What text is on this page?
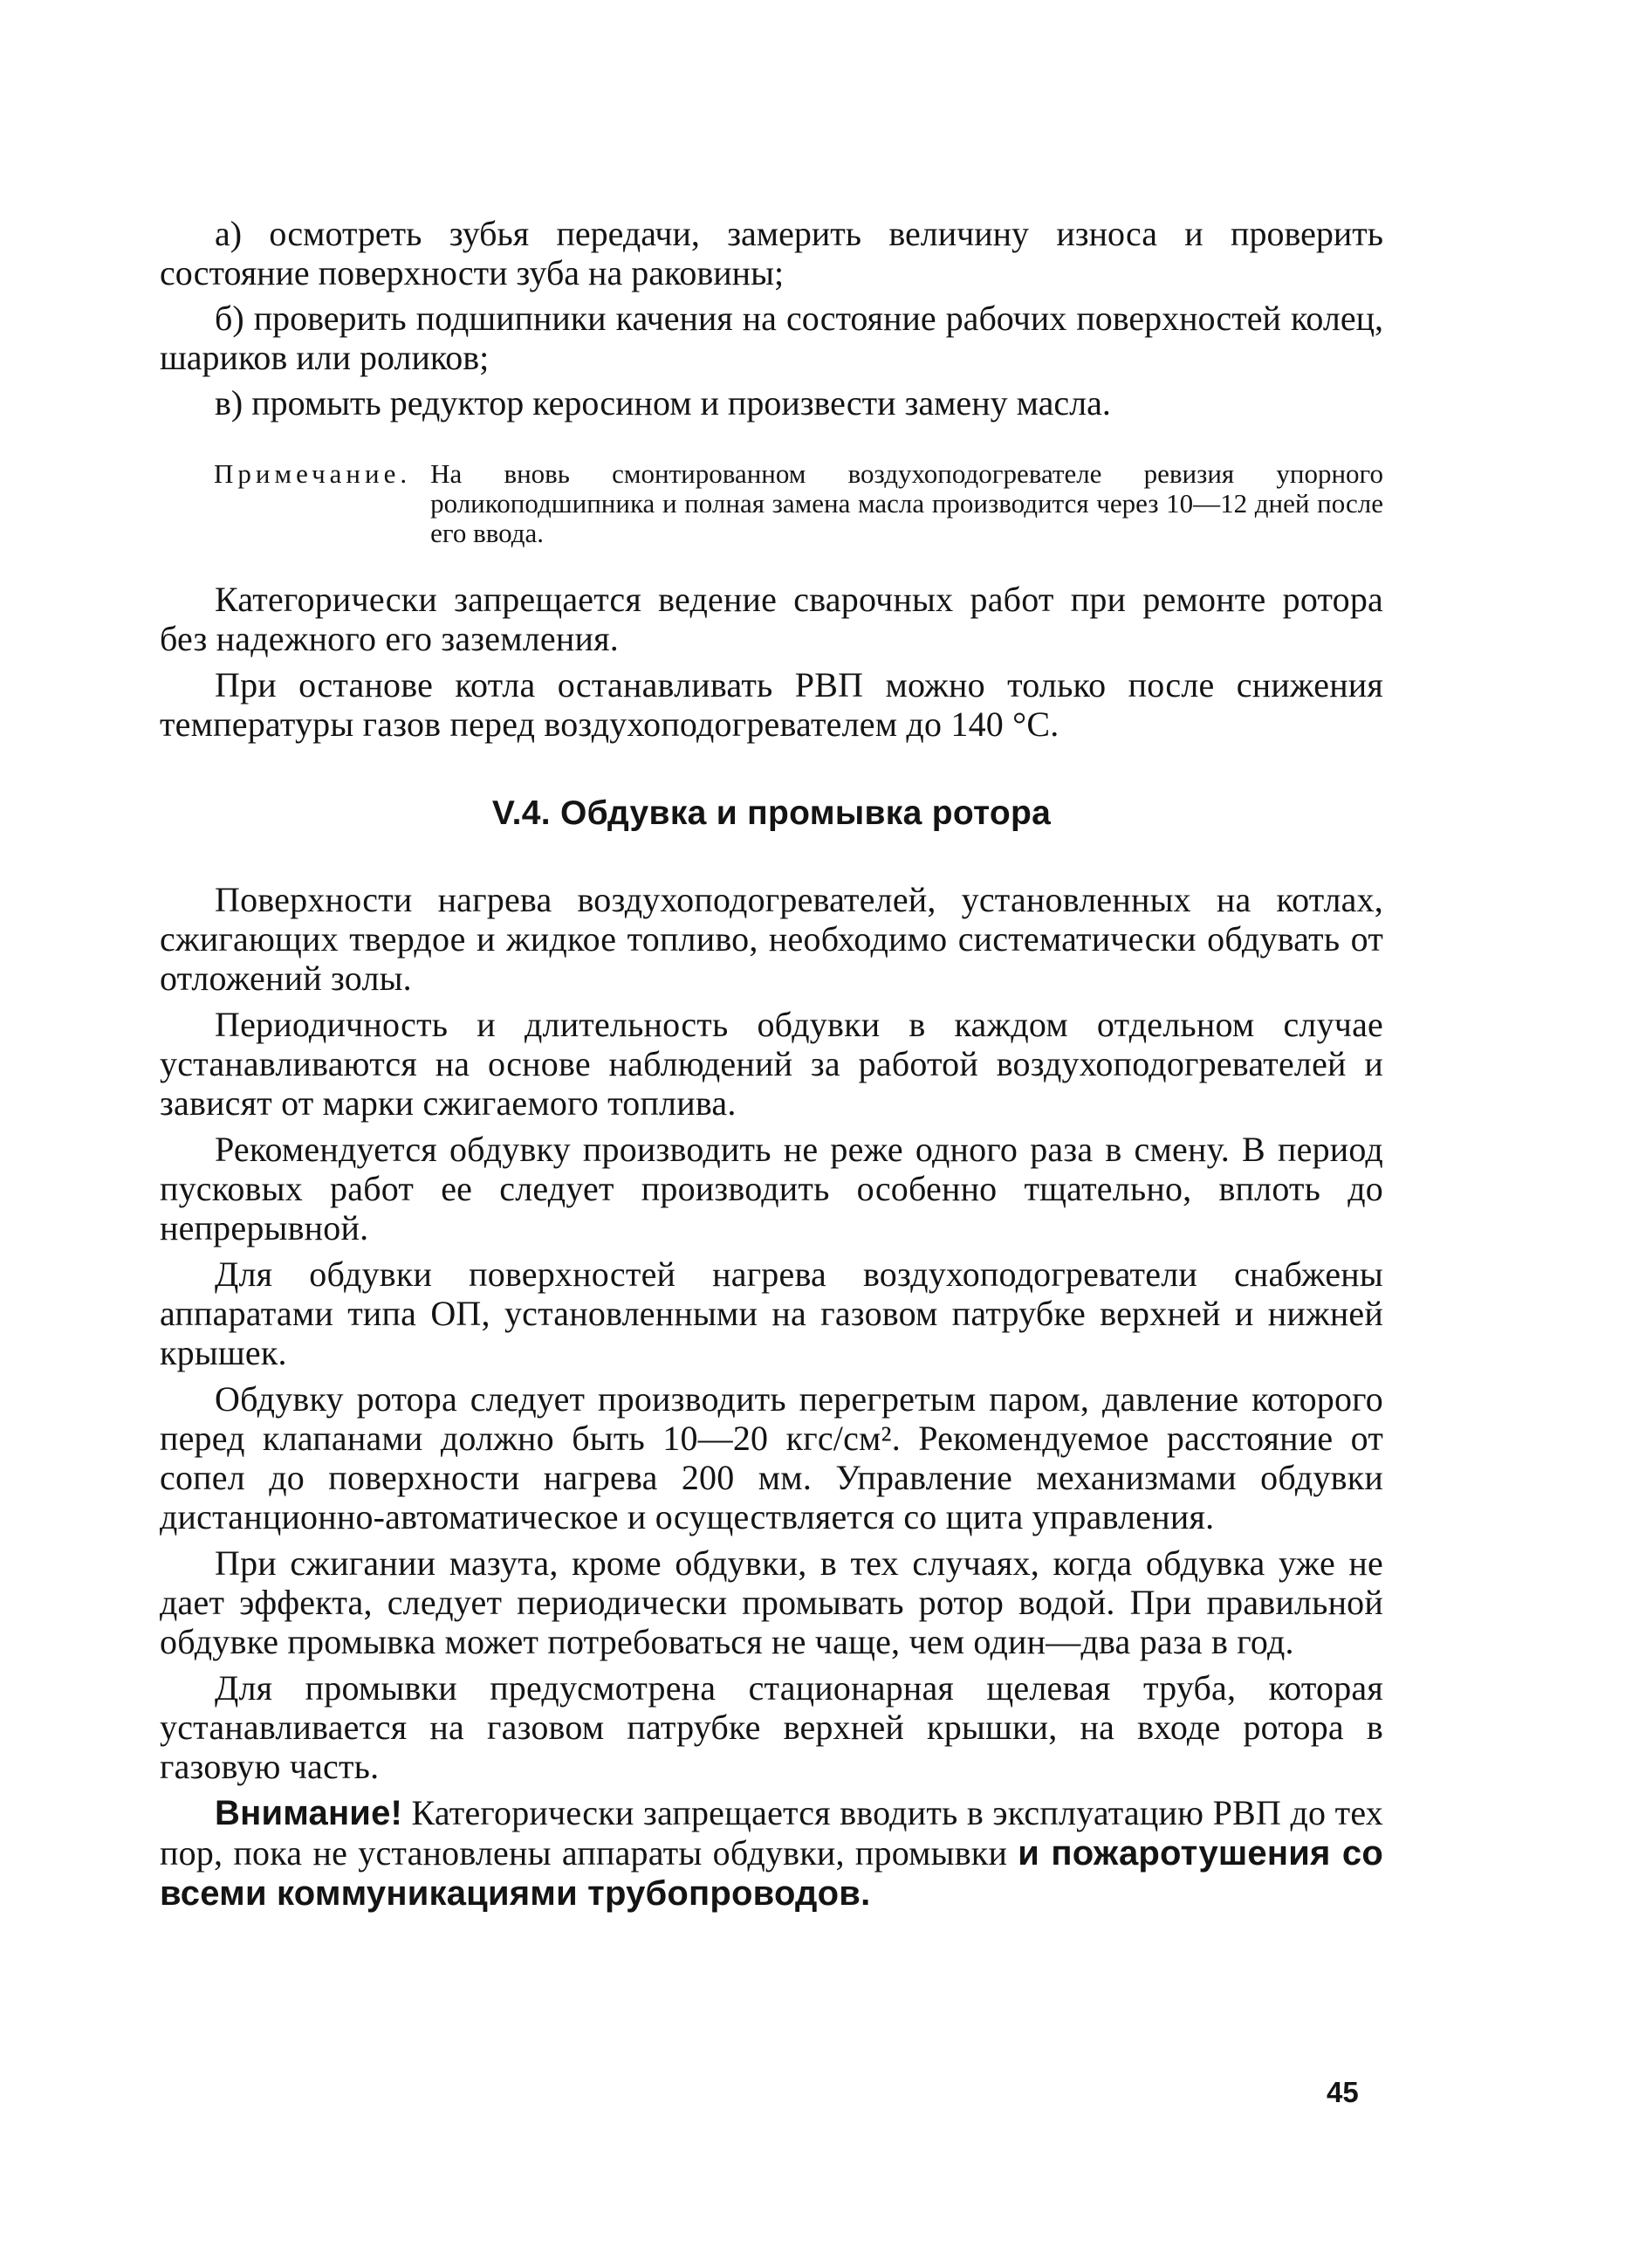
а) осмотреть зубья передачи, замерить величину износа и проверить состояние поверхности зуба на раковины;

б) проверить подшипники качения на состояние рабочих поверхностей колец, шариков или роликов;

в) промыть редуктор керосином и произвести замену масла.

Примечание. На вновь смонтированном воздухоподогревателе ревизия упорного роликоподшипника и полная замена масла производится через 10—12 дней после его ввода.

Категорически запрещается ведение сварочных работ при ремонте ротора без надежного его заземления.

При останове котла останавливать РВП можно только после снижения температуры газов перед воздухоподогревателем до 140 °С.

V.4. Обдувка и промывка ротора

Поверхности нагрева воздухоподогревателей, установленных на котлах, сжигающих твердое и жидкое топливо, необходимо систематически обдувать от отложений золы.

Периодичность и длительность обдувки в каждом отдельном случае устанавливаются на основе наблюдений за работой воздухоподогревателей и зависят от марки сжигаемого топлива.

Рекомендуется обдувку производить не реже одного раза в смену. В период пусковых работ ее следует производить особенно тщательно, вплоть до непрерывной.

Для обдувки поверхностей нагрева воздухоподогреватели снабжены аппаратами типа ОП, установленными на газовом патрубке верхней и нижней крышек.

Обдувку ротора следует производить перегретым паром, давление которого перед клапанами должно быть 10—20 кгс/см². Рекомендуемое расстояние от сопел до поверхности нагрева 200 мм. Управление механизмами обдувки дистанционно-автоматическое и осуществляется со щита управления.

При сжигании мазута, кроме обдувки, в тех случаях, когда обдувка уже не дает эффекта, следует периодически промывать ротор водой. При правильной обдувке промывка может потребоваться не чаще, чем один—два раза в год.

Для промывки предусмотрена стационарная щелевая труба, которая устанавливается на газовом патрубке верхней крышки, на входе ротора в газовую часть.

Внимание! Категорически запрещается вводить в эксплуатацию РВП до тех пор, пока не установлены аппараты обдувки, промывки и пожаротушения со всеми коммуникациями трубопроводов.

45
